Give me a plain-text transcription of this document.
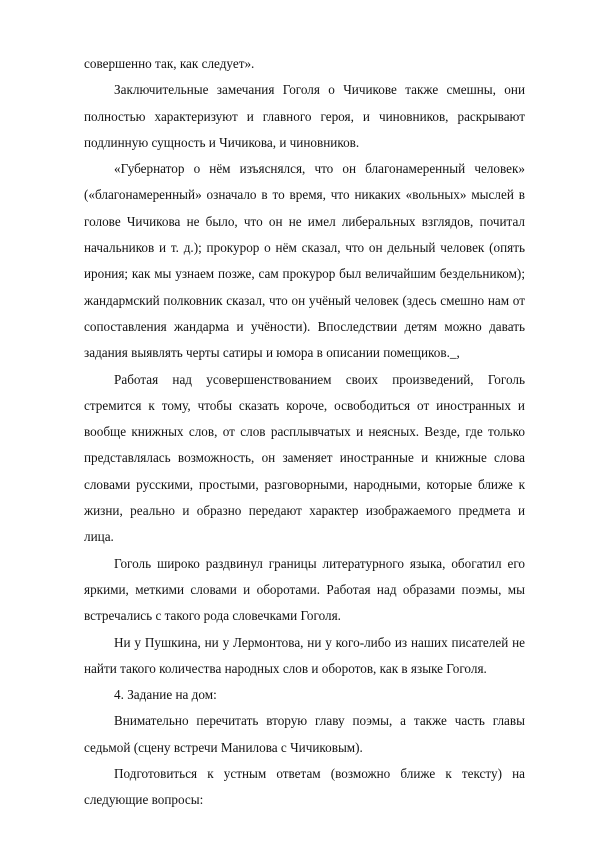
совершенно так, как следует».

Заключительные замечания Гоголя о Чичикове также смешны, они полностью характеризуют и главного героя, и чиновников, раскрывают подлинную сущность и Чичикова, и чиновников.

«Губернатор о нём изъяснялся, что он благонамеренный человек» («благонамеренный» означало в то время, что никаких «вольных» мыслей в голове Чичикова не было, что он не имел либеральных взглядов, почитал начальников и т. д.); прокурор о нём сказал, что он дельный человек (опять ирония; как мы узнаем позже, сам прокурор был величайшим бездельником); жандармский полковник сказал, что он учёный человек (здесь смешно нам от сопоставления жандарма и учёности). Впоследствии детям можно давать задания выявлять черты сатиры и юмора в описании помещиков._,

Работая над усовершенствованием своих произведений, Гоголь стремится к тому, чтобы сказать короче, освободиться от иностранных и вообще книжных слов, от слов расплывчатых и неясных. Везде, где только представлялась возможность, он заменяет иностранные и книжные слова словами русскими, простыми, разговорными, народными, которые ближе к жизни, реально и образно передают характер изображаемого предмета и лица.

Гоголь широко раздвинул границы литературного языка, обогатил его яркими, меткими словами и оборотами. Работая над образами поэмы, мы встречались с такого рода словечками Гоголя.

Ни у Пушкина, ни у Лермонтова, ни у кого-либо из наших писателей не найти такого количества народных слов и оборотов, как в языке Гоголя.

4. Задание на дом:

Внимательно перечитать вторую главу поэмы, а также часть главы седьмой (сцену встречи Манилова с Чичиковым).

Подготовиться к устным ответам (возможно ближе к тексту) на следующие вопросы:
